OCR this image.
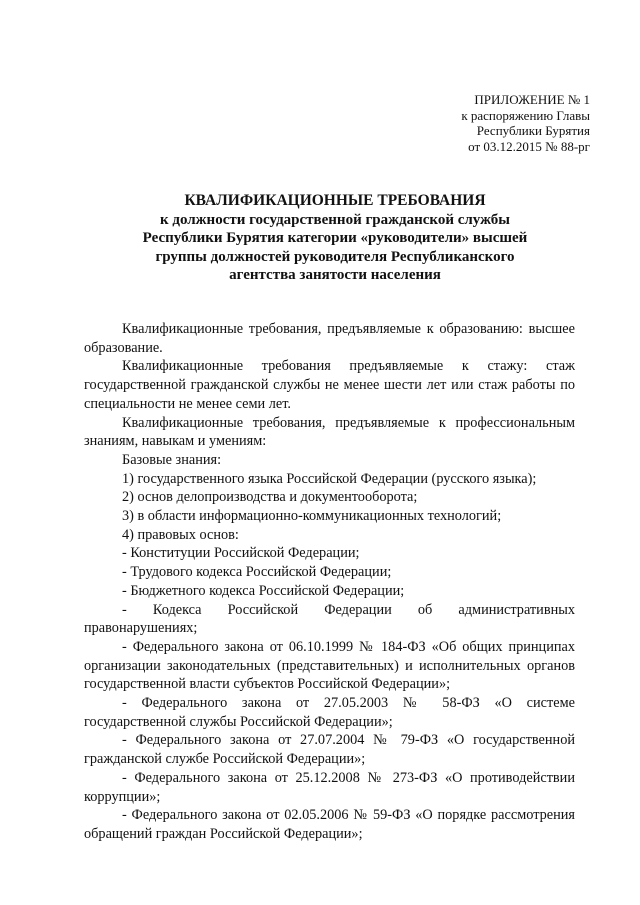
ПРИЛОЖЕНИЕ № 1
к распоряжению Главы
Республики Бурятия
от 03.12.2015 № 88-рг
КВАЛИФИКАЦИОННЫЕ ТРЕБОВАНИЯ
к должности государственной гражданской службы
Республики Бурятия категории «руководители» высшей
группы должностей руководителя Республиканского
агентства занятости населения

Квалификационные требования, предъявляемые к образованию: высшее образование.

Квалификационные требования предъявляемые к стажу: стаж государственной гражданской службы не менее шести лет или стаж работы по специальности не менее семи лет.

Квалификационные требования, предъявляемые к профессиональным знаниям, навыкам и умениям:

Базовые знания:

1) государственного языка Российской Федерации (русского языка);

2) основ делопроизводства и документооборота;

3) в области информационно-коммуникационных технологий;

4) правовых основ:

- Конституции Российской Федерации;

- Трудового кодекса Российской Федерации;

- Бюджетного кодекса Российской Федерации;

- Кодекса Российской Федерации об административных правонарушениях;

- Федерального закона от 06.10.1999 № 184-ФЗ «Об общих принципах организации законодательных (представительных) и исполнительных органов государственной власти субъектов Российской Федерации»;

- Федерального закона от 27.05.2003 № 58-ФЗ «О системе государственной службы Российской Федерации»;

- Федерального закона от 27.07.2004 № 79-ФЗ «О государственной гражданской службе Российской Федерации»;

- Федерального закона от 25.12.2008 № 273-ФЗ «О противодействии коррупции»;

- Федерального закона от 02.05.2006 № 59-ФЗ «О порядке рассмотрения обращений граждан Российской Федерации»;
